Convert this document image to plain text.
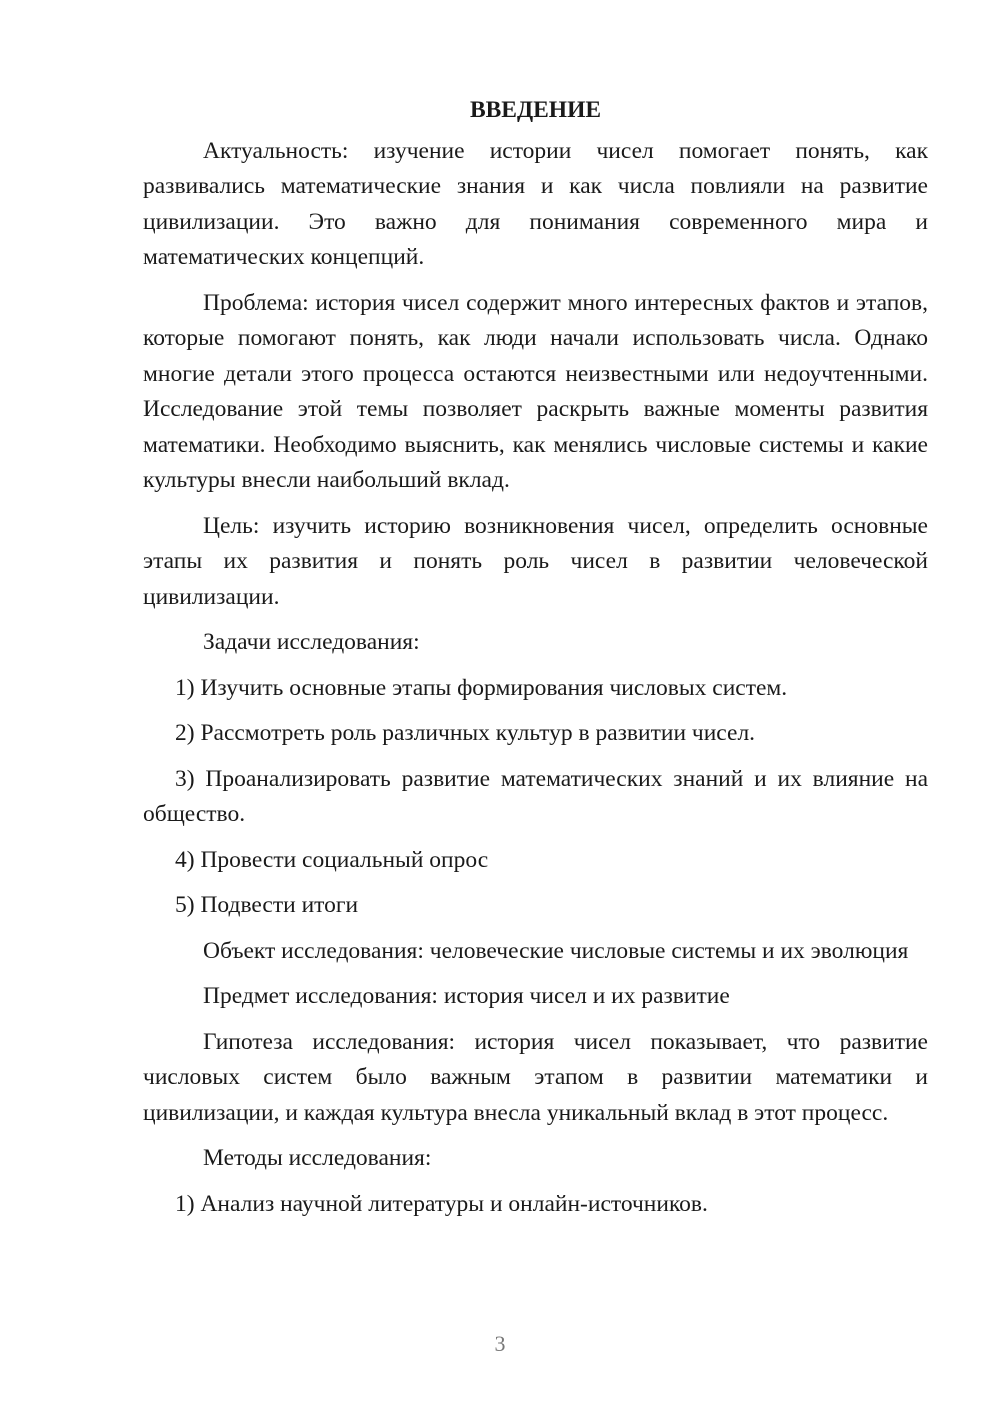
ВВЕДЕНИЕ

Актуальность: изучение истории чисел помогает понять, как развивались математические знания и как числа повлияли на развитие цивилизации. Это важно для понимания современного мира и математических концепций.

Проблема: история чисел содержит много интересных фактов и этапов, которые помогают понять, как люди начали использовать числа. Однако многие детали этого процесса остаются неизвестными или недоучтенными. Исследование этой темы позволяет раскрыть важные моменты развития математики. Необходимо выяснить, как менялись числовые системы и какие культуры внесли наибольший вклад.

Цель: изучить историю возникновения чисел, определить основные этапы их развития и понять роль чисел в развитии человеческой цивилизации.

Задачи исследования:

1) Изучить основные этапы формирования числовых систем.

2) Рассмотреть роль различных культур в развитии чисел.

3) Проанализировать развитие математических знаний и их влияние на общество.

4) Провести социальный опрос

5) Подвести итоги

Объект исследования: человеческие числовые системы и их эволюция

Предмет исследования: история чисел и их развитие

Гипотеза исследования: история чисел показывает, что развитие числовых систем было важным этапом в развитии математики и цивилизации, и каждая культура внесла уникальный вклад в этот процесс.

Методы исследования:

1) Анализ научной литературы и онлайн-источников.

3
